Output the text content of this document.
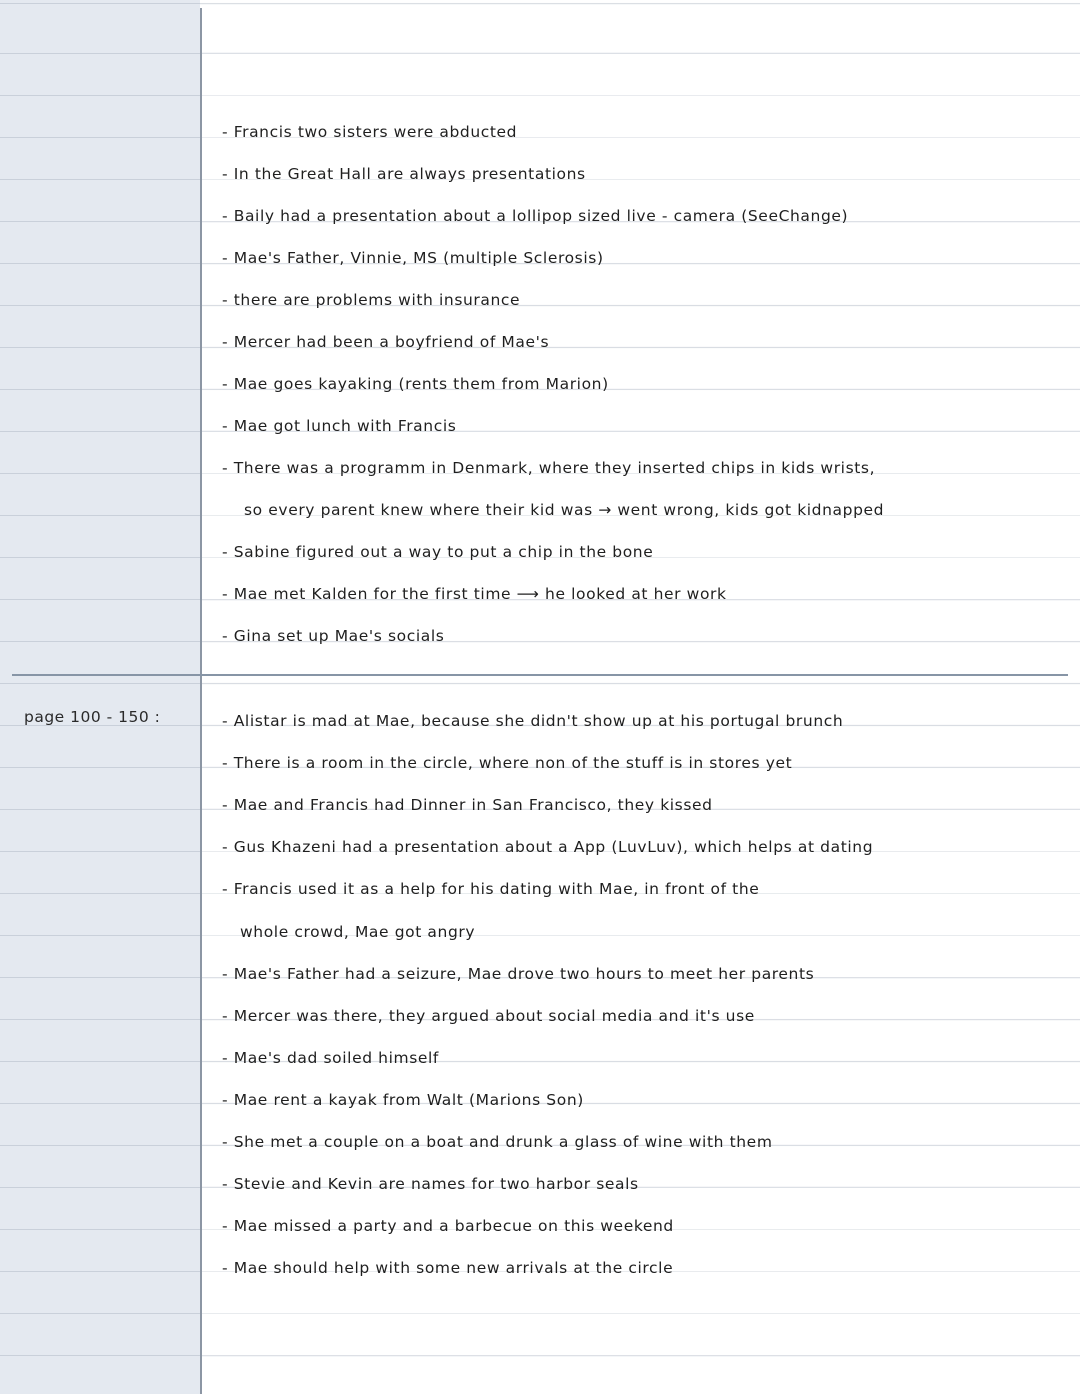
page 100 - 150 :
- Francis two sisters were abducted
- In the Great Hall are always presentations
- Baily had a presentation about a lollipop sized live - camera (SeeChange)
- Mae's Father, Vinnie, MS (multiple Sclerosis)
- there are problems with insurance
- Mercer had been a boyfriend of Mae's
- Mae goes kayaking (rents them from Marion)
- Mae got lunch with Francis
- There was a programm in Denmark, where they inserted chips in kids wrists,
so every parent knew where their kid was → went wrong, kids got kidnapped
- Sabine figured out a way to put a chip in the bone
- Mae met Kalden for the first time ⟶ he looked at her work
- Gina set up Mae's socials
- Alistar is mad at Mae, because she didn't show up at his portugal brunch
- There is a room in the circle, where non of the stuff is in stores yet
- Mae and Francis had Dinner in San Francisco, they kissed
- Gus Khazeni had a presentation about a App (LuvLuv), which helps at dating
- Francis used it as a help for his dating with Mae, in front of the
whole crowd, Mae got angry
- Mae's Father had a seizure, Mae drove two hours to meet her parents
- Mercer was there, they argued about social media and it's use
- Mae's dad soiled himself
- Mae rent a kayak from Walt (Marions Son)
- She met a couple on a boat and drunk a glass of wine with them
- Stevie and Kevin are names for two harbor seals
- Mae missed a party and a barbecue on this weekend
- Mae should help with some new arrivals at the circle
